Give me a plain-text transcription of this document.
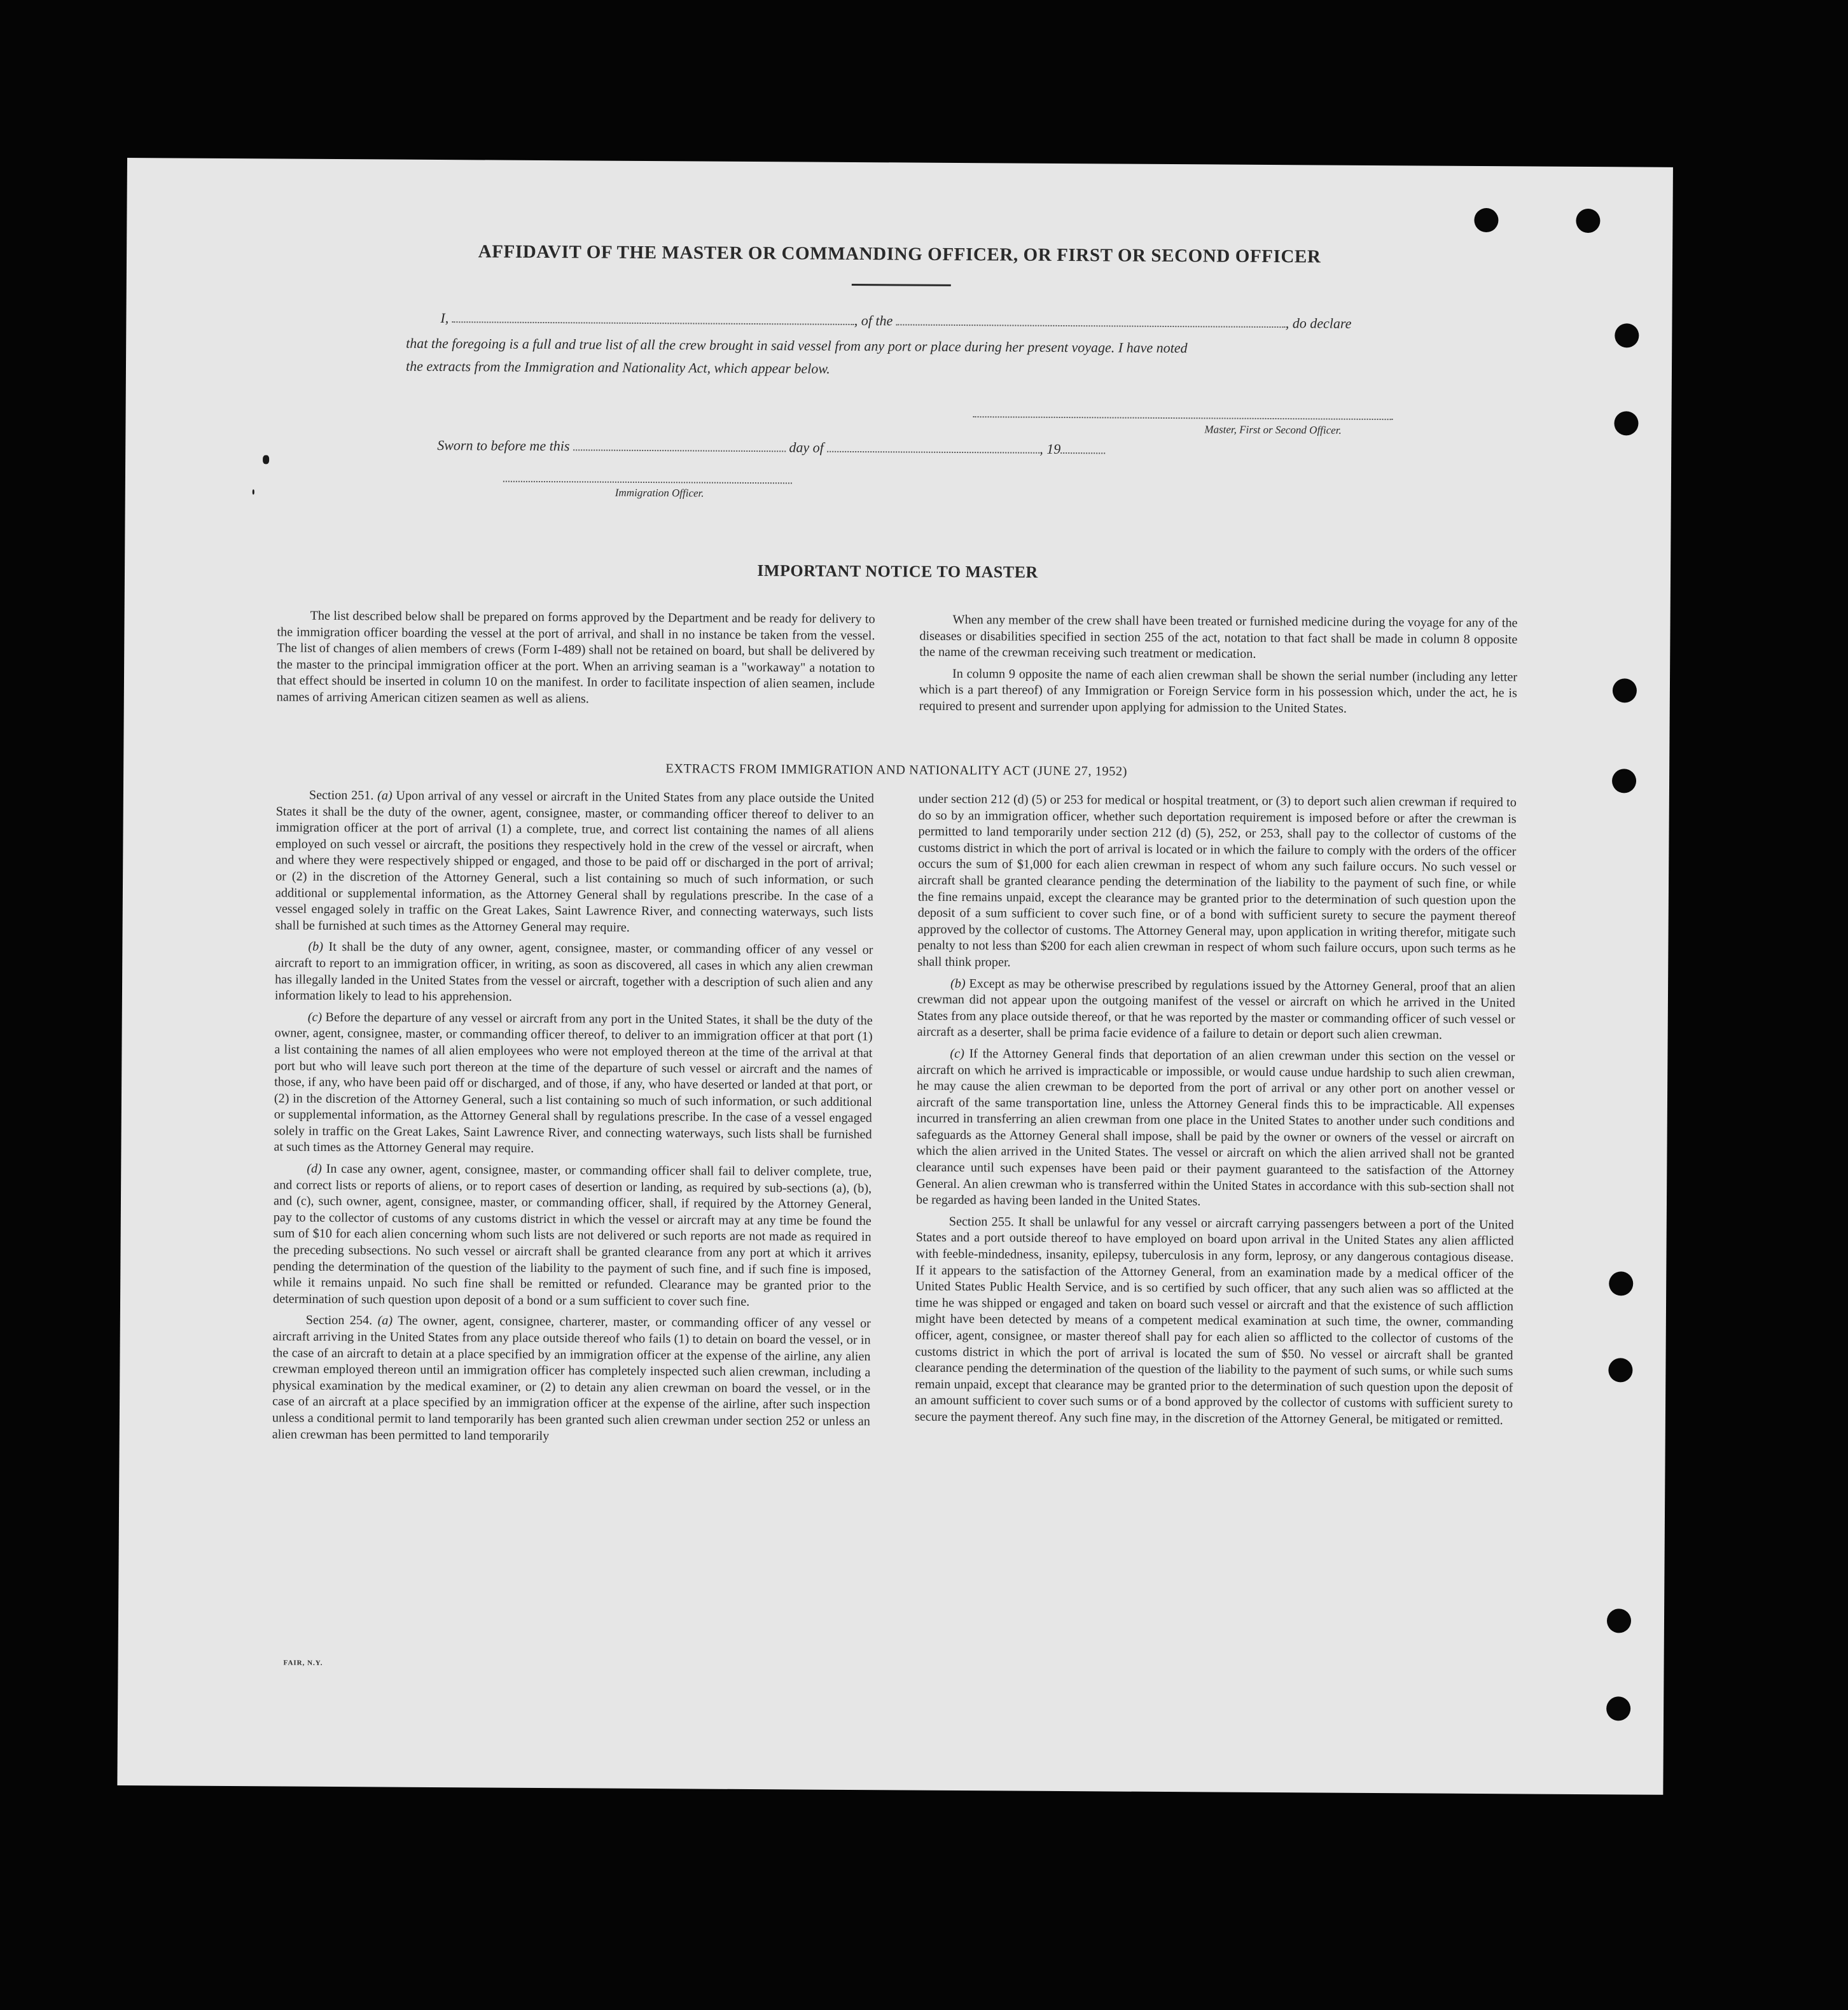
AFFIDAVIT OF THE MASTER OR COMMANDING OFFICER, OR FIRST OR SECOND OFFICER
I,	, of the	, do declare
that the foregoing is a full and true list of all the crew brought in said vessel from any port or place during her present voyage. I have noted
the extracts from the Immigration and Nationality Act, which appear below.
Master, First or Second Officer.
Sworn to before me this	day of	, 19
Immigration Officer.
IMPORTANT NOTICE TO MASTER

The list described below shall be prepared on forms approved by the Department and be ready for delivery to the immigration officer boarding the vessel at the port of arrival, and shall in no instance be taken from the vessel. The list of changes of alien members of crews (Form I-489) shall not be retained on board, but shall be delivered by the master to the principal immigration officer at the port. When an arriving seaman is a "workaway" a notation to that effect should be inserted in column 10 on the manifest. In order to facilitate inspection of alien seamen, include names of arriving American citizen seamen as well as aliens.

When any member of the crew shall have been treated or furnished medicine during the voyage for any of the diseases or disabilities specified in section 255 of the act, notation to that fact shall be made in column 8 opposite the name of the crewman receiving such treatment or medication.

In column 9 opposite the name of each alien crewman shall be shown the serial number (including any letter which is a part thereof) of any Immigration or Foreign Service form in his possession which, under the act, he is required to present and surrender upon applying for admission to the United States.

EXTRACTS FROM IMMIGRATION AND NATIONALITY ACT (JUNE 27, 1952)

Section 251. (a) Upon arrival of any vessel or aircraft in the United States from any place outside the United States it shall be the duty of the owner, agent, consignee, master, or commanding officer thereof to deliver to an immigration officer at the port of arrival (1) a complete, true, and correct list containing the names of all aliens employed on such vessel or aircraft, the positions they respectively hold in the crew of the vessel or aircraft, when and where they were respectively shipped or engaged, and those to be paid off or discharged in the port of arrival; or (2) in the discretion of the Attorney General, such a list containing so much of such information, or such additional or supplemental information, as the Attorney General shall by regulations prescribe. In the case of a vessel engaged solely in traffic on the Great Lakes, Saint Lawrence River, and connecting waterways, such lists shall be furnished at such times as the Attorney General may require.

(b) It shall be the duty of any owner, agent, consignee, master, or commanding officer of any vessel or aircraft to report to an immigration officer, in writing, as soon as discovered, all cases in which any alien crewman has illegally landed in the United States from the vessel or aircraft, together with a description of such alien and any information likely to lead to his apprehension.

(c) Before the departure of any vessel or aircraft from any port in the United States, it shall be the duty of the owner, agent, consignee, master, or commanding officer thereof, to deliver to an immigration officer at that port (1) a list containing the names of all alien employees who were not employed thereon at the time of the arrival at that port but who will leave such port thereon at the time of the departure of such vessel or aircraft and the names of those, if any, who have been paid off or discharged, and of those, if any, who have deserted or landed at that port, or (2) in the discretion of the Attorney General, such a list containing so much of such information, or such additional or supplemental information, as the Attorney General shall by regulations prescribe. In the case of a vessel engaged solely in traffic on the Great Lakes, Saint Lawrence River, and connecting waterways, such lists shall be furnished at such times as the Attorney General may require.

(d) In case any owner, agent, consignee, master, or commanding officer shall fail to deliver complete, true, and correct lists or reports of aliens, or to report cases of desertion or landing, as required by sub-sections (a), (b), and (c), such owner, agent, consignee, master, or commanding officer, shall, if required by the Attorney General, pay to the collector of customs of any customs district in which the vessel or aircraft may at any time be found the sum of $10 for each alien concerning whom such lists are not delivered or such reports are not made as required in the preceding subsections. No such vessel or aircraft shall be granted clearance from any port at which it arrives pending the determination of the question of the liability to the payment of such fine, and if such fine is imposed, while it remains unpaid. No such fine shall be remitted or refunded. Clearance may be granted prior to the determination of such question upon deposit of a bond or a sum sufficient to cover such fine.

Section 254. (a) The owner, agent, consignee, charterer, master, or commanding officer of any vessel or aircraft arriving in the United States from any place outside thereof who fails (1) to detain on board the vessel, or in the case of an aircraft to detain at a place specified by an immigration officer at the expense of the airline, any alien crewman employed thereon until an immigration officer has completely inspected such alien crewman, including a physical examination by the medical examiner, or (2) to detain any alien crewman on board the vessel, or in the case of an aircraft at a place specified by an immigration officer at the expense of the airline, after such inspection unless a conditional permit to land temporarily has been granted such alien crewman under section 252 or unless an alien crewman has been permitted to land temporarily

under section 212 (d) (5) or 253 for medical or hospital treatment, or (3) to deport such alien crewman if required to do so by an immigration officer, whether such deportation requirement is imposed before or after the crewman is permitted to land temporarily under section 212 (d) (5), 252, or 253, shall pay to the collector of customs of the customs district in which the port of arrival is located or in which the failure to comply with the orders of the officer occurs the sum of $1,000 for each alien crewman in respect of whom any such failure occurs. No such vessel or aircraft shall be granted clearance pending the determination of the liability to the payment of such fine, or while the fine remains unpaid, except the clearance may be granted prior to the determination of such question upon the deposit of a sum sufficient to cover such fine, or of a bond with sufficient surety to secure the payment thereof approved by the collector of customs. The Attorney General may, upon application in writing therefor, mitigate such penalty to not less than $200 for each alien crewman in respect of whom such failure occurs, upon such terms as he shall think proper.

(b) Except as may be otherwise prescribed by regulations issued by the Attorney General, proof that an alien crewman did not appear upon the outgoing manifest of the vessel or aircraft on which he arrived in the United States from any place outside thereof, or that he was reported by the master or commanding officer of such vessel or aircraft as a deserter, shall be prima facie evidence of a failure to detain or deport such alien crewman.

(c) If the Attorney General finds that deportation of an alien crewman under this section on the vessel or aircraft on which he arrived is impracticable or impossible, or would cause undue hardship to such alien crewman, he may cause the alien crewman to be deported from the port of arrival or any other port on another vessel or aircraft of the same transportation line, unless the Attorney General finds this to be impracticable. All expenses incurred in transferring an alien crewman from one place in the United States to another under such conditions and safeguards as the Attorney General shall impose, shall be paid by the owner or owners of the vessel or aircraft on which the alien arrived in the United States. The vessel or aircraft on which the alien arrived shall not be granted clearance until such expenses have been paid or their payment guaranteed to the satisfaction of the Attorney General. An alien crewman who is transferred within the United States in accordance with this sub-section shall not be regarded as having been landed in the United States.

Section 255. It shall be unlawful for any vessel or aircraft carrying passengers between a port of the United States and a port outside thereof to have employed on board upon arrival in the United States any alien afflicted with feeble-mindedness, insanity, epilepsy, tuberculosis in any form, leprosy, or any dangerous contagious disease. If it appears to the satisfaction of the Attorney General, from an examination made by a medical officer of the United States Public Health Service, and is so certified by such officer, that any such alien was so afflicted at the time he was shipped or engaged and taken on board such vessel or aircraft and that the existence of such affliction might have been detected by means of a competent medical examination at such time, the owner, commanding officer, agent, consignee, or master thereof shall pay for each alien so afflicted to the collector of customs of the customs district in which the port of arrival is located the sum of $50. No vessel or aircraft shall be granted clearance pending the determination of the question of the liability to the payment of such sums, or while such sums remain unpaid, except that clearance may be granted prior to the determination of such question upon the deposit of an amount sufficient to cover such sums or of a bond approved by the collector of customs with sufficient surety to secure the payment thereof. Any such fine may, in the discretion of the Attorney General, be mitigated or remitted.

FAIR, N.Y.
